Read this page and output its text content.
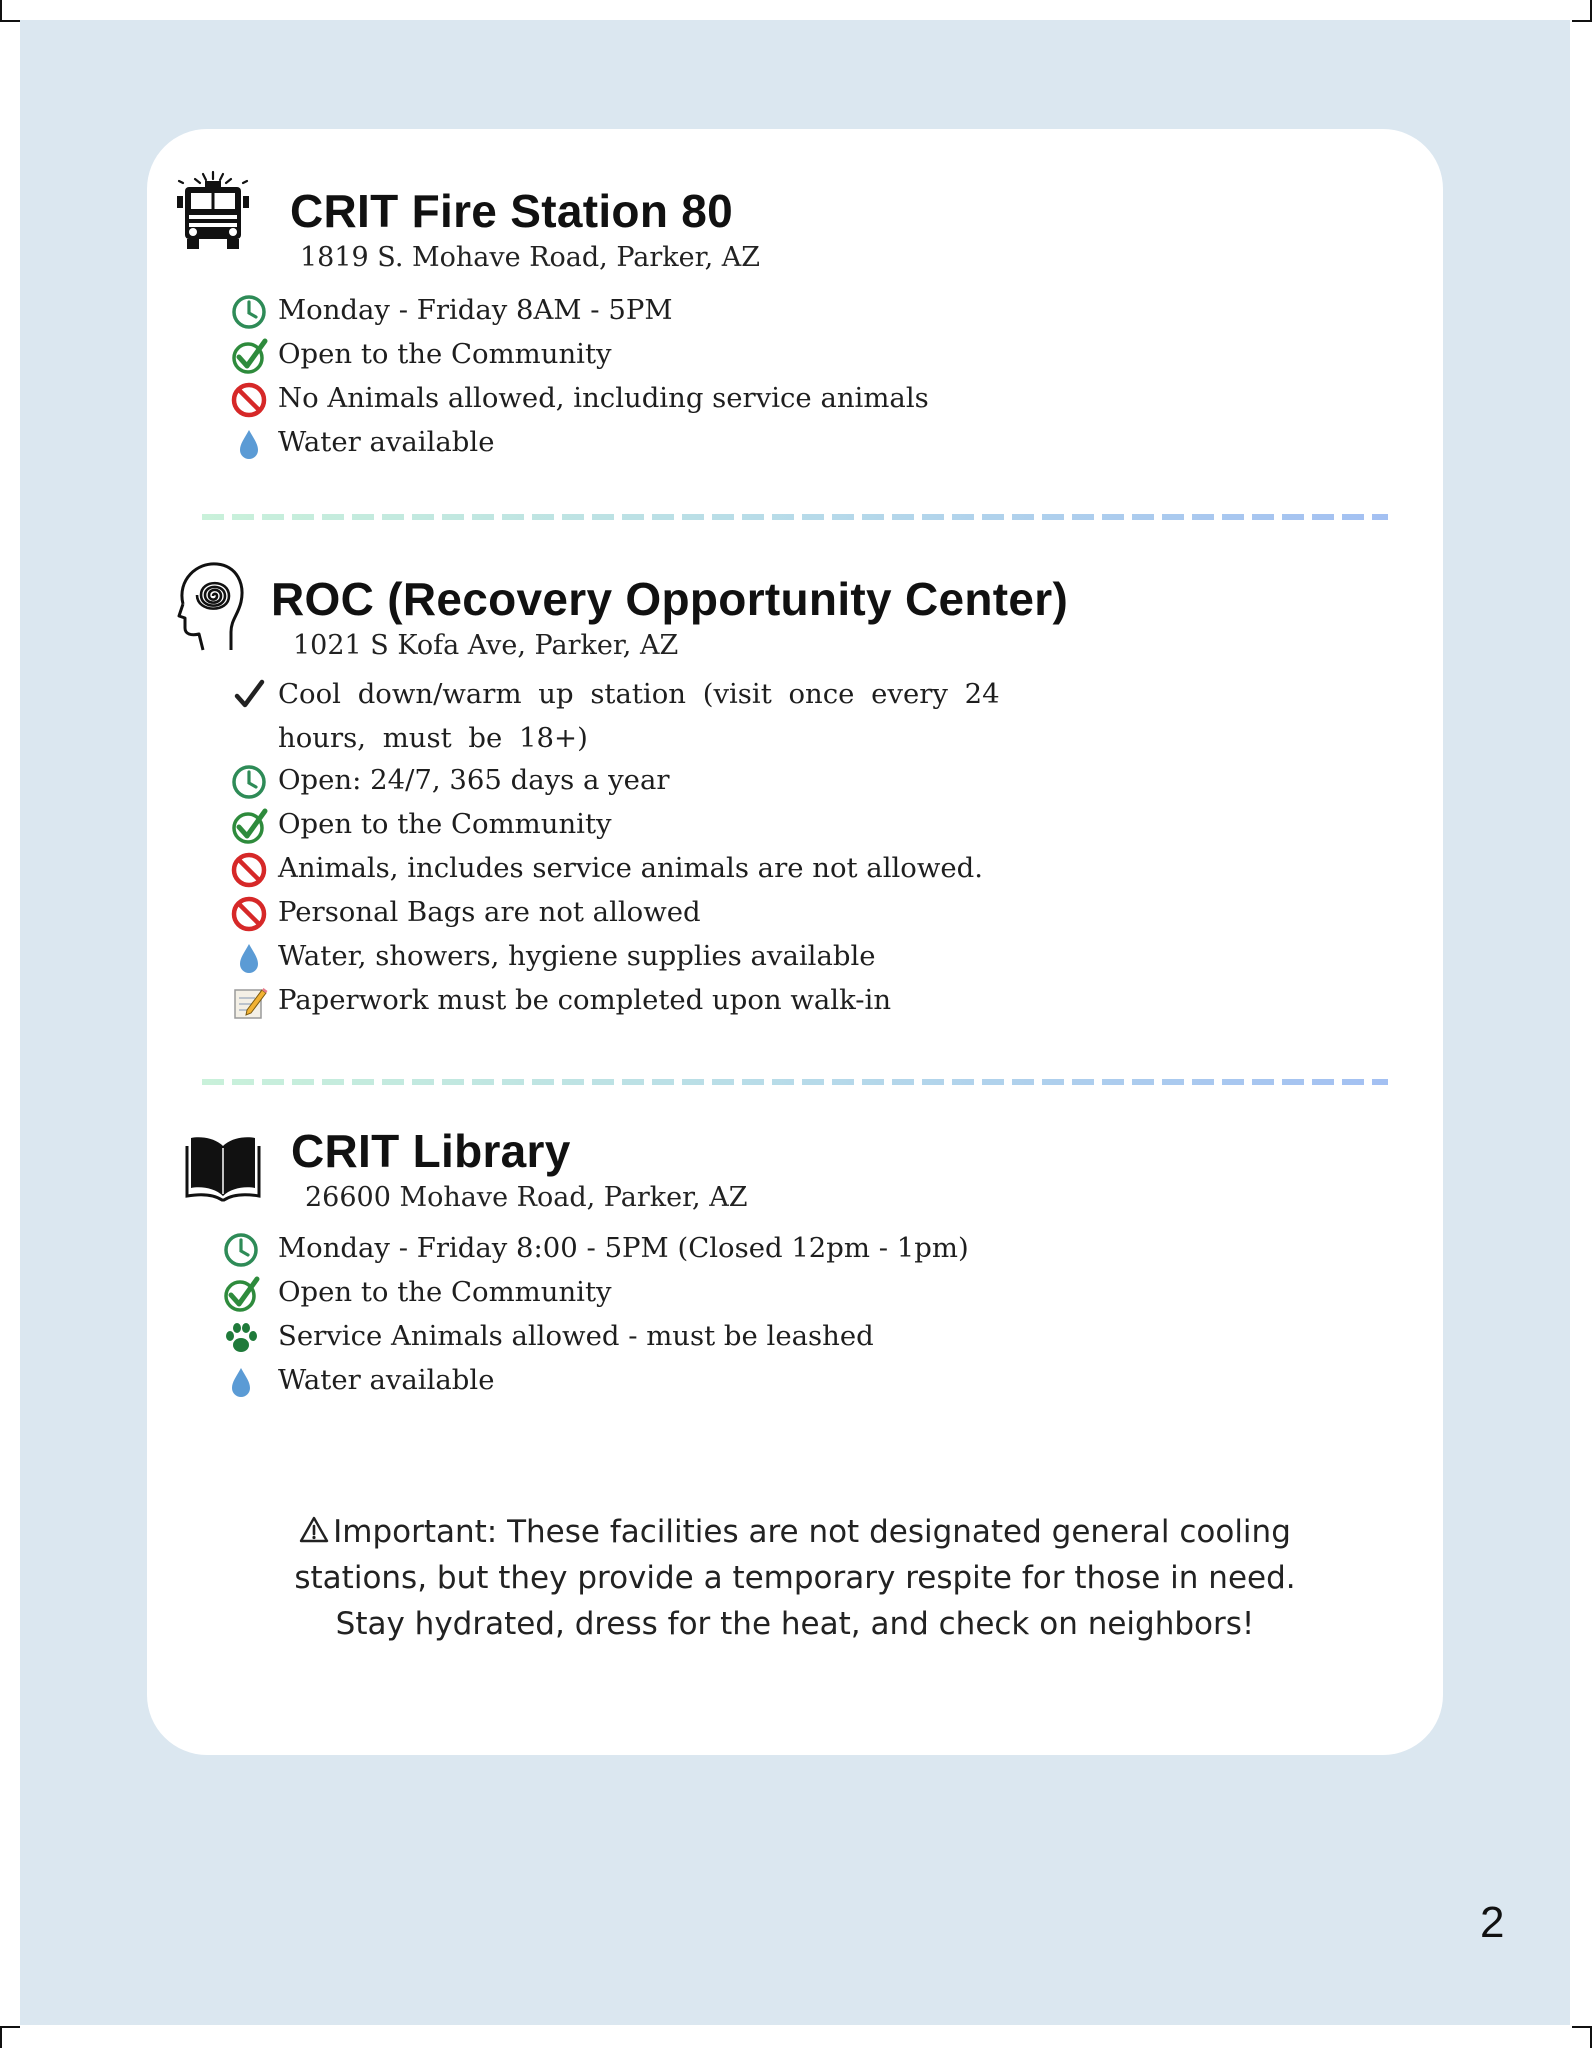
CRIT Fire Station 80
1819 S. Mohave Road, Parker, AZ
Monday - Friday 8AM - 5PM
Open to the Community
No Animals allowed, including service animals
Water available
ROC (Recovery Opportunity Center)
1021 S Kofa Ave, Parker, AZ
Cool down/warm up station (visit once every 24 hours, must be 18+)
Open: 24/7, 365 days a year
Open to the Community
Animals, includes service animals are not allowed.
Personal Bags are not allowed
Water, showers, hygiene supplies available
Paperwork must be completed upon walk-in
CRIT Library
26600 Mohave Road, Parker, AZ
Monday - Friday 8:00 - 5PM (Closed 12pm - 1pm)
Open to the Community
Service Animals allowed - must be leashed
Water available

Important: These facilities are not designated general cooling

stations, but they provide a temporary respite for those in need.

Stay hydrated, dress for the heat, and check on neighbors!

2
